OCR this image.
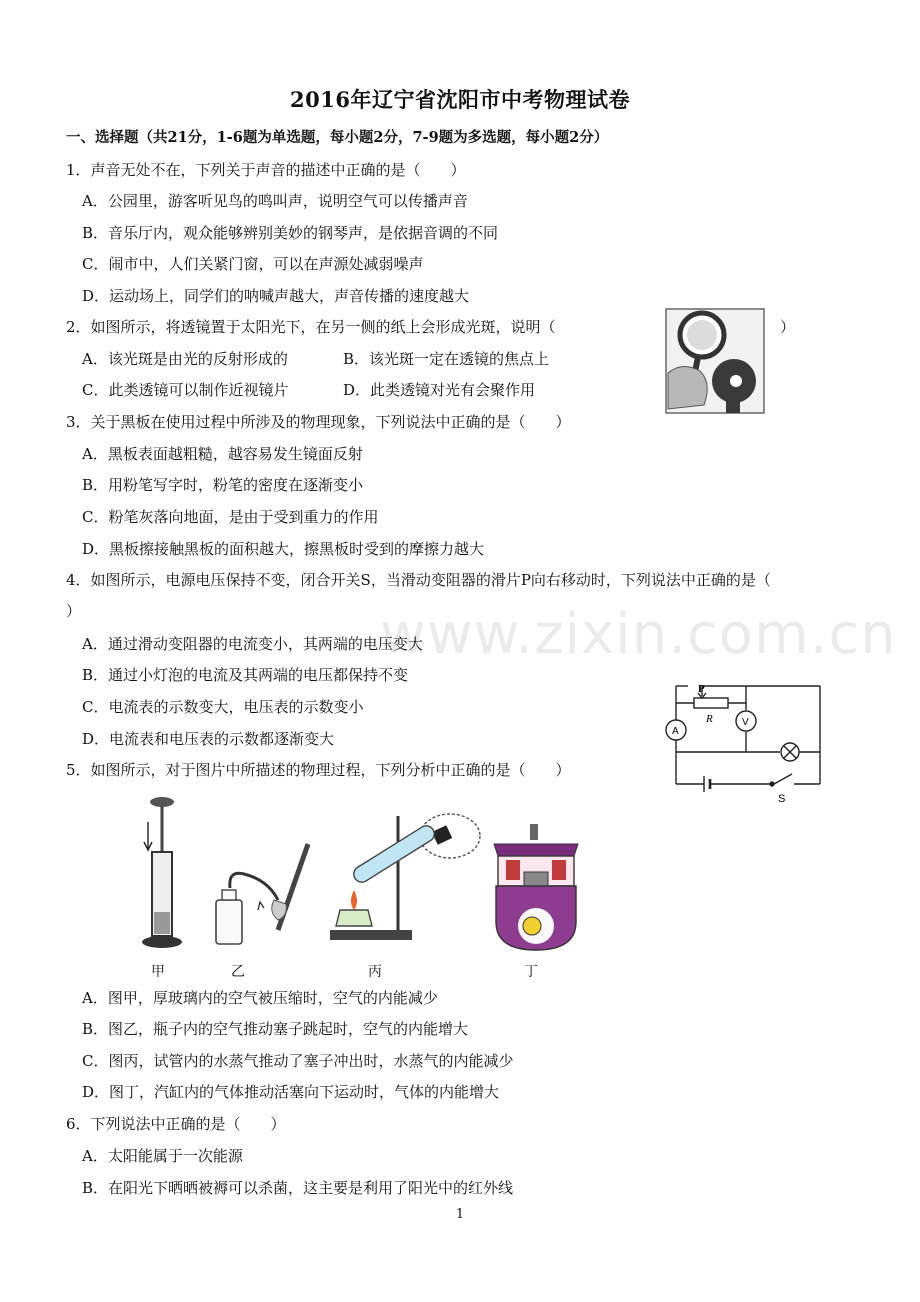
www.zixin.com.cn
2016年辽宁省沈阳市中考物理试卷
一、选择题（共21分，1-6题为单选题，每小题2分，7-9题为多选题，每小题2分）
1．声音无处不在，下列关于声音的描述中正确的是（　　）
A．公园里，游客听见鸟的鸣叫声，说明空气可以传播声音
B．音乐厅内，观众能够辨别美妙的钢琴声，是依据音调的不同
C．闹市中，人们关紧门窗，可以在声源处减弱噪声
D．运动场上，同学们的呐喊声越大，声音传播的速度越大
2．如图所示，将透镜置于太阳光下，在另一侧的纸上会形成光斑，说明（	）
A．该光斑是由光的反射形成的	B．该光斑一定在透镜的焦点上
C．此类透镜可以制作近视镜片	D．此类透镜对光有会聚作用
3．关于黑板在使用过程中所涉及的物理现象，下列说法中正确的是（　　）
A．黑板表面越粗糙，越容易发生镜面反射
B．用粉笔写字时，粉笔的密度在逐渐变小
C．粉笔灰落向地面，是由于受到重力的作用
D．黑板擦接触黑板的面积越大，擦黑板时受到的摩擦力越大
4．如图所示，电源电压保持不变，闭合开关S，当滑动变阻器的滑片P向右移动时，下列说法中正确的是（
）
A．通过滑动变阻器的电流变小，其两端的电压变大
B．通过小灯泡的电流及其两端的电压都保持不变
C．电流表的示数变大，电压表的示数变小
D．电流表和电压表的示数都逐渐变大
P
R
A
V
S
5．如图所示，对于图片中所描述的物理过程，下列分析中正确的是（　　）
甲	乙	丙	丁
A．图甲，厚玻璃内的空气被压缩时，空气的内能减少
B．图乙，瓶子内的空气推动塞子跳起时，空气的内能增大
C．图丙，试管内的水蒸气推动了塞子冲出时，水蒸气的内能减少
D．图丁，汽缸内的气体推动活塞向下运动时，气体的内能增大
6．下列说法中正确的是（　　）
A．太阳能属于一次能源
B．在阳光下晒晒被褥可以杀菌，这主要是利用了阳光中的红外线
1
